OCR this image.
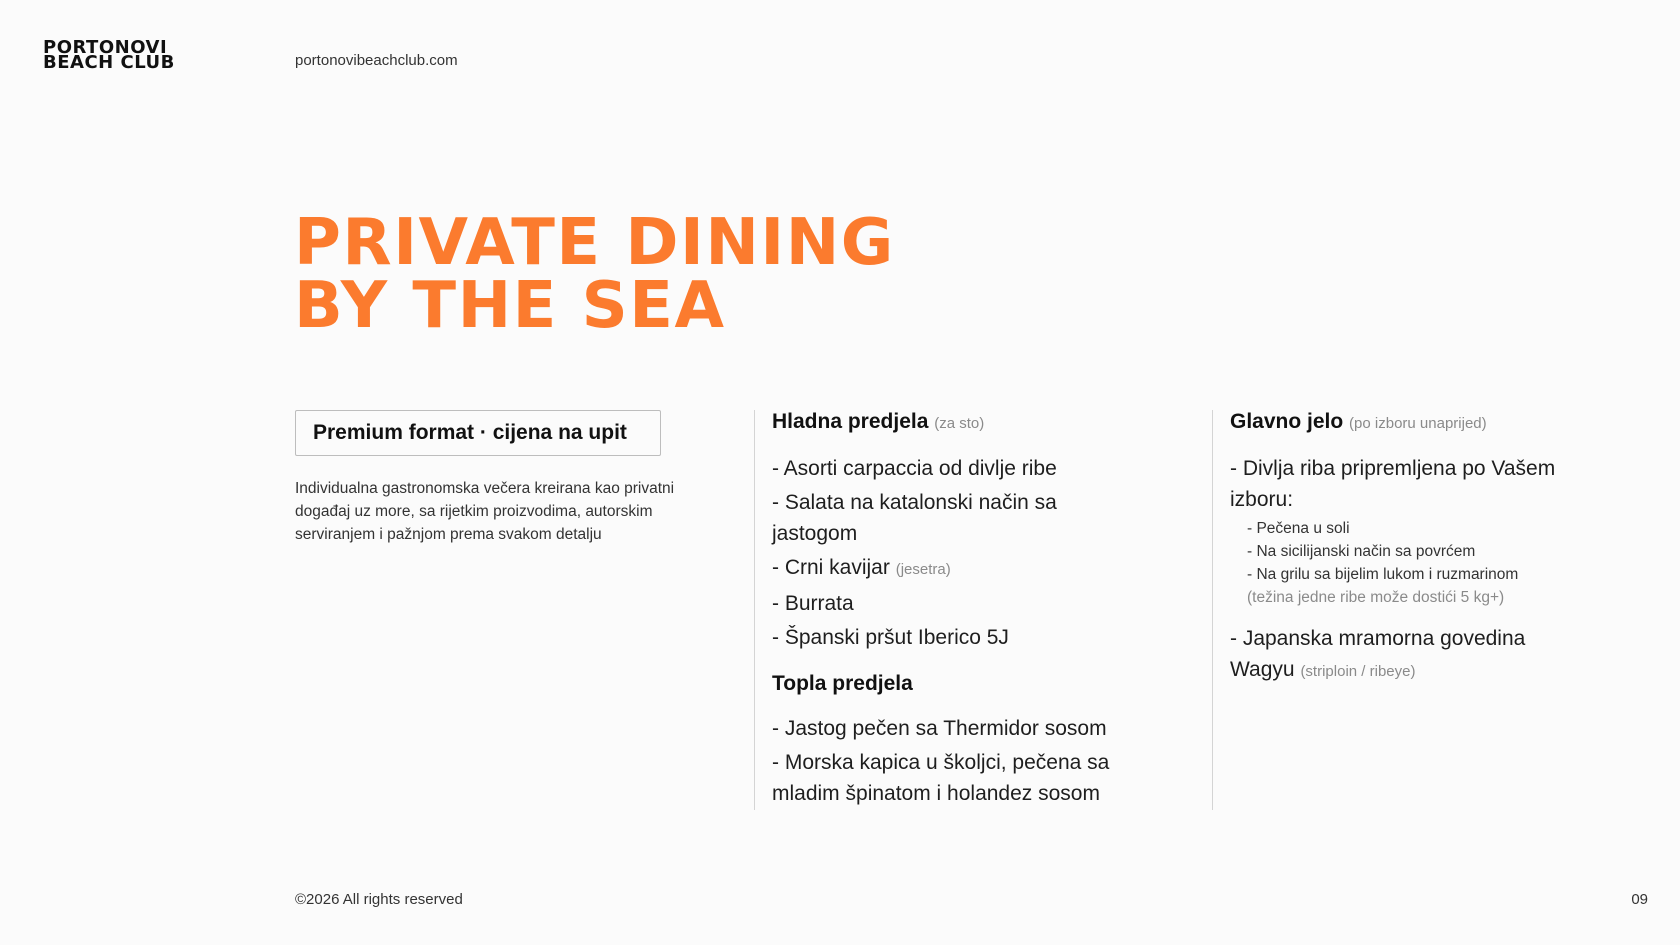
PORTONOVI
BEACH CLUB	portonovibeachclub.com
PRIVATE DINING
BY THE SEA
Premium format · cijena na upit
Individualna gastronomska večera kreirana kao privatni događaj uz more, sa rijetkim proizvodima, autorskim serviranjem i pažnjom prema svakom detalju
Hladna predjela (za sto)
- Asorti carpaccia od divlje ribe
- Salata na katalonski način sa jastogom
- Crni kavijar (jesetra)
- Burrata
- Španski pršut Iberico 5J
Topla predjela
- Jastog pečen sa Thermidor sosom
- Morska kapica u školjci, pečena sa mladim špinatom i holandez sosom
Glavno jelo (po izboru unaprijed)
- Divlja riba pripremljena po Vašem izboru:
- Pečena u soli
- Na sicilijanski način sa povrćem
- Na grilu sa bijelim lukom i ruzmarinom
(težina jedne ribe može dostići 5 kg+)
- Japanska mramorna govedina Wagyu (striploin / ribeye)
©2026 All rights reserved	09
